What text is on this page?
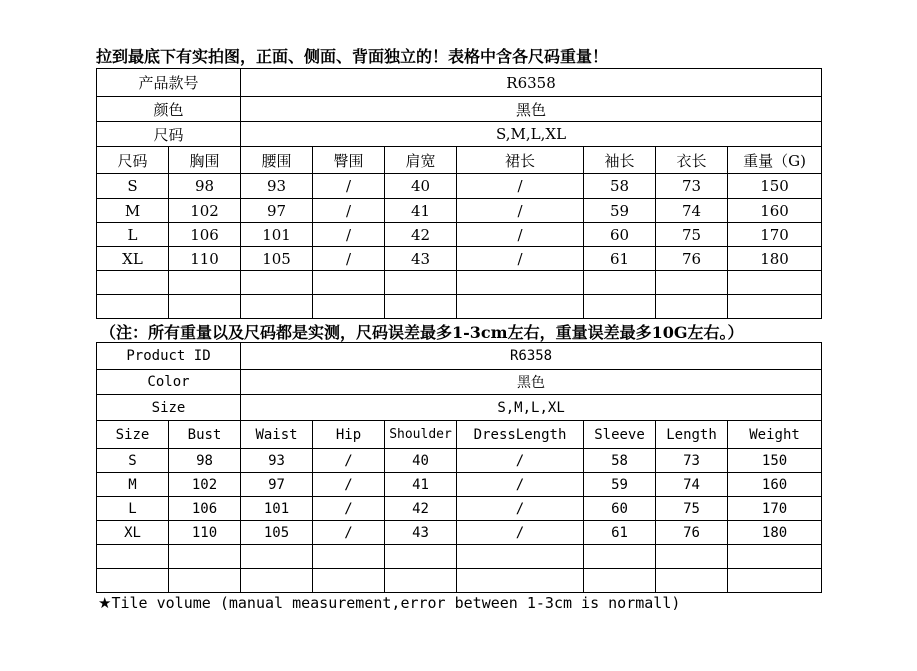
拉到最底下有实拍图，正面、侧面、背面独立的！表格中含各尺码重量！
产品款号		R6358						
颜色		黑色						
尺码		S,M,L,XL						
尺码	胸围	腰围	臀围	肩宽	裙长	袖长	衣长	重量（G)
S	98	93	/	40	/	58	73	150
M	102	97	/	41	/	59	74	160
L	106	101	/	42	/	60	75	170
XL	110	105	/	43	/	61	76	180

（注：所有重量以及尺码都是实测，尺码误差最多1-3cm左右，重量误差最多10G左右。）
Product ID		R6358						
Color		黑色						
Size		S,M,L,XL						
Size	Bust	Waist	Hip	Shoulder	DressLength	Sleeve	Length	Weight
S	98	93	/	40	/	58	73	150
M	102	97	/	41	/	59	74	160
L	106	101	/	42	/	60	75	170
XL	110	105	/	43	/	61	76	180

★Tile volume (manual measurement,error between 1-3cm is normall)
